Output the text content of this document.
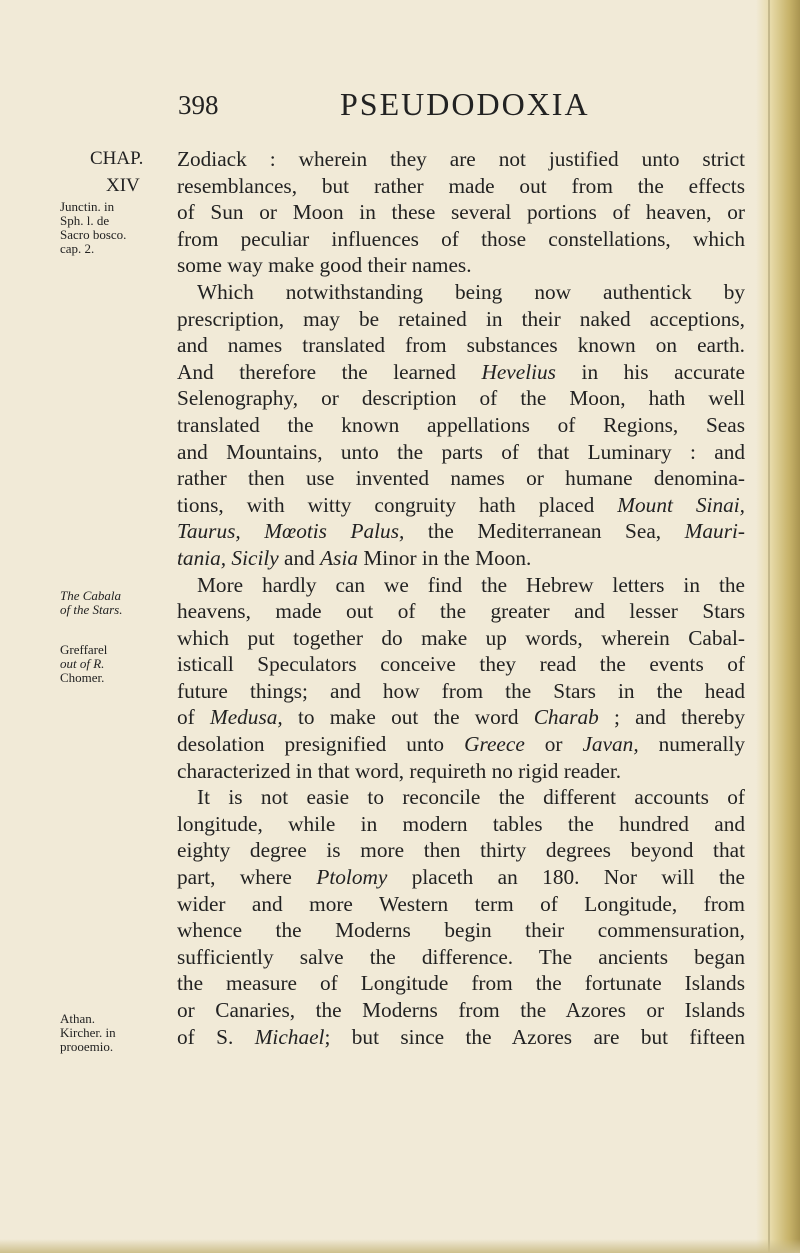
398	PSEUDODOXIA
CHAP.
XIV
Junctin. in
Sph. l. de
Sacro bosco.
cap. 2.
The Cabala
of the Stars.
Greffarel
out of R.
Chomer.
Athan.
Kircher. in
prooemio.
Zodiack : wherein they are not justified unto strict
resemblances, but rather made out from the effects
of Sun or Moon in these several portions of heaven, or
from peculiar influences of those constellations, which
some way make good their names.
Which notwithstanding being now authentick by
prescription, may be retained in their naked acceptions,
and names translated from substances known on earth.
And therefore the learned Hevelius in his accurate
Selenography, or description of the Moon, hath well
translated the known appellations of Regions, Seas
and Mountains, unto the parts of that Luminary : and
rather then use invented names or humane denomina-
tions, with witty congruity hath placed Mount Sinai,
Taurus, Mœotis Palus, the Mediterranean Sea, Mauri-
tania, Sicily and Asia Minor in the Moon.
More hardly can we find the Hebrew letters in the
heavens, made out of the greater and lesser Stars
which put together do make up words, wherein Cabal-
isticall Speculators conceive they read the events of
future things; and how from the Stars in the head
of Medusa, to make out the word Charab ; and thereby
desolation presignified unto Greece or Javan, numerally
characterized in that word, requireth no rigid reader.
It is not easie to reconcile the different accounts of
longitude, while in modern tables the hundred and
eighty degree is more then thirty degrees beyond that
part, where Ptolomy placeth an 180. Nor will the
wider and more Western term of Longitude, from
whence the Moderns begin their commensuration,
sufficiently salve the difference. The ancients began
the measure of Longitude from the fortunate Islands
or Canaries, the Moderns from the Azores or Islands
of S. Michael; but since the Azores are but fifteen
